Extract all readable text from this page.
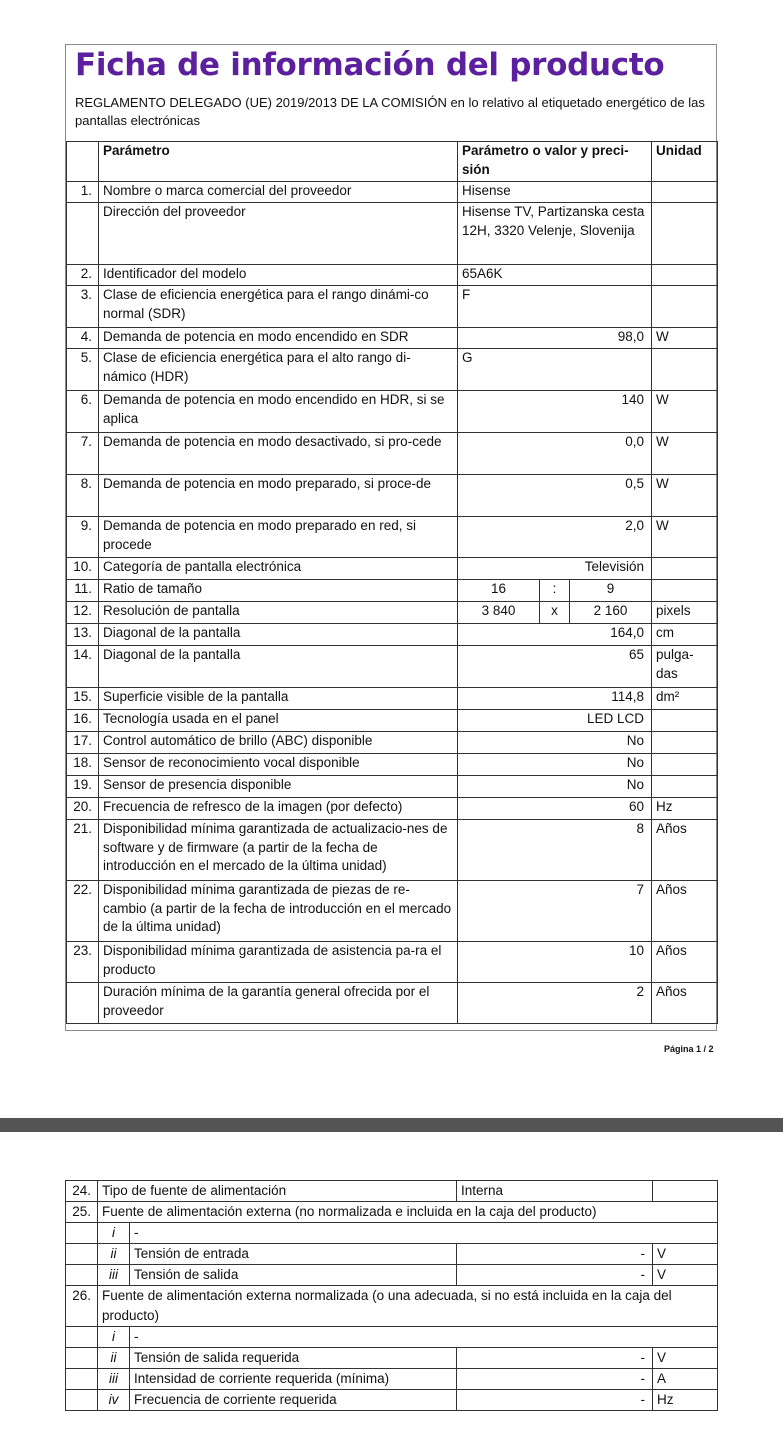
Ficha de información del producto
REGLAMENTO DELEGADO (UE) 2019/2013 DE LA COMISIÓN en lo relativo al etiquetado energético de las pantallas electrónicas
	Parámetro	Parámetro o valor y preci-sión			Unidad
1.	Nombre o marca comercial del proveedor	Hisense			
	Dirección del proveedor	Hisense TV, Partizanska cesta 12H, 3320 Velenje, Slovenija			
2.	Identificador del modelo	65A6K			
3.	Clase de eficiencia energética para el rango dinámi-co normal (SDR)	F			
4.	Demanda de potencia en modo encendido en SDR	98,0			W
5.	Clase de eficiencia energética para el alto rango di-námico (HDR)	G			
6.	Demanda de potencia en modo encendido en HDR, si se aplica	140			W
7.	Demanda de potencia en modo desactivado, si pro-cede	0,0			W
8.	Demanda de potencia en modo preparado, si proce-de	0,5			W
9.	Demanda de potencia en modo preparado en red, si procede	2,0			W
10.	Categoría de pantalla electrónica	Televisión			
11.	Ratio de tamaño	16	:	9	
12.	Resolución de pantalla	3 840	x	2 160	pixels
13.	Diagonal de la pantalla	164,0			cm
14.	Diagonal de la pantalla	65			pulga-das
15.	Superficie visible de la pantalla	114,8			dm²
16.	Tecnología usada en el panel	LED LCD			
17.	Control automático de brillo (ABC) disponible	No			
18.	Sensor de reconocimiento vocal disponible	No			
19.	Sensor de presencia disponible	No			
20.	Frecuencia de refresco de la imagen (por defecto)	60			Hz
21.	Disponibilidad mínima garantizada de actualizacio-nes de software y de firmware (a partir de la fecha de introducción en el mercado de la última unidad)	8			Años
22.	Disponibilidad mínima garantizada de piezas de re-cambio (a partir de la fecha de introducción en el mercado de la última unidad)	7			Años
23.	Disponibilidad mínima garantizada de asistencia pa-ra el producto	10			Años
	Duración mínima de la garantía general ofrecida por el proveedor	2			Años
Página 1 / 2
24.	Tipo de fuente de alimentación		Interna	
25.	Fuente de alimentación externa (no normalizada e incluida en la caja del producto)			
	i	-		
	ii	Tensión de entrada	-	V
	iii	Tensión de salida	-	V
26.	Fuente de alimentación externa normalizada (o una adecuada, si no está incluida en la caja del producto)			
	i	-		
	ii	Tensión de salida requerida	-	V
	iii	Intensidad de corriente requerida (mínima)	-	A
	iv	Frecuencia de corriente requerida	-	Hz
